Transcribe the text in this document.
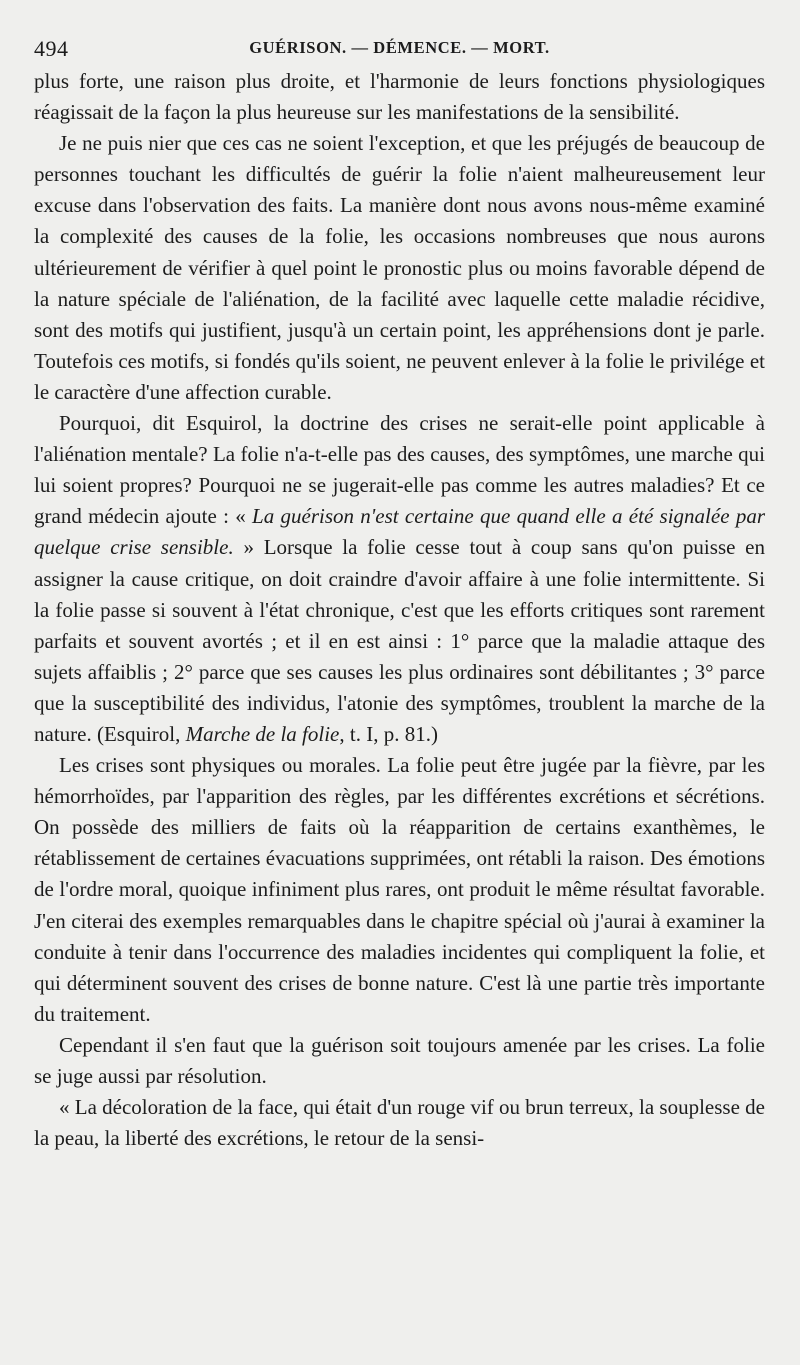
494	GUÉRISON. — DÉMENCE. — MORT.

plus forte, une raison plus droite, et l'harmonie de leurs fonctions physiologiques réagissait de la façon la plus heureuse sur les manifestations de la sensibilité.

Je ne puis nier que ces cas ne soient l'exception, et que les préjugés de beaucoup de personnes touchant les difficultés de guérir la folie n'aient malheureusement leur excuse dans l'observation des faits. La manière dont nous avons nous-même examiné la complexité des causes de la folie, les occasions nombreuses que nous aurons ultérieurement de vérifier à quel point le pronostic plus ou moins favorable dépend de la nature spéciale de l'aliénation, de la facilité avec laquelle cette maladie récidive, sont des motifs qui justifient, jusqu'à un certain point, les appréhensions dont je parle. Toutefois ces motifs, si fondés qu'ils soient, ne peuvent enlever à la folie le privilége et le caractère d'une affection curable.

Pourquoi, dit Esquirol, la doctrine des crises ne serait-elle point applicable à l'aliénation mentale? La folie n'a-t-elle pas des causes, des symptômes, une marche qui lui soient propres? Pourquoi ne se jugerait-elle pas comme les autres maladies? Et ce grand médecin ajoute : « La guérison n'est certaine que quand elle a été signalée par quelque crise sensible. » Lorsque la folie cesse tout à coup sans qu'on puisse en assigner la cause critique, on doit craindre d'avoir affaire à une folie intermittente. Si la folie passe si souvent à l'état chronique, c'est que les efforts critiques sont rarement parfaits et souvent avortés ; et il en est ainsi : 1° parce que la maladie attaque des sujets affaiblis ; 2° parce que ses causes les plus ordinaires sont débilitantes ; 3° parce que la susceptibilité des individus, l'atonie des symptômes, troublent la marche de la nature. (Esquirol, Marche de la folie, t. I, p. 81.)

Les crises sont physiques ou morales. La folie peut être jugée par la fièvre, par les hémorrhoïdes, par l'apparition des règles, par les différentes excrétions et sécrétions. On possède des milliers de faits où la réapparition de certains exanthèmes, le rétablissement de certaines évacuations supprimées, ont rétabli la raison. Des émotions de l'ordre moral, quoique infiniment plus rares, ont produit le même résultat favorable. J'en citerai des exemples remarquables dans le chapitre spécial où j'aurai à examiner la conduite à tenir dans l'occurrence des maladies incidentes qui compliquent la folie, et qui déterminent souvent des crises de bonne nature. C'est là une partie très importante du traitement.

Cependant il s'en faut que la guérison soit toujours amenée par les crises. La folie se juge aussi par résolution.

« La décoloration de la face, qui était d'un rouge vif ou brun terreux, la souplesse de la peau, la liberté des excrétions, le retour de la sensi-
